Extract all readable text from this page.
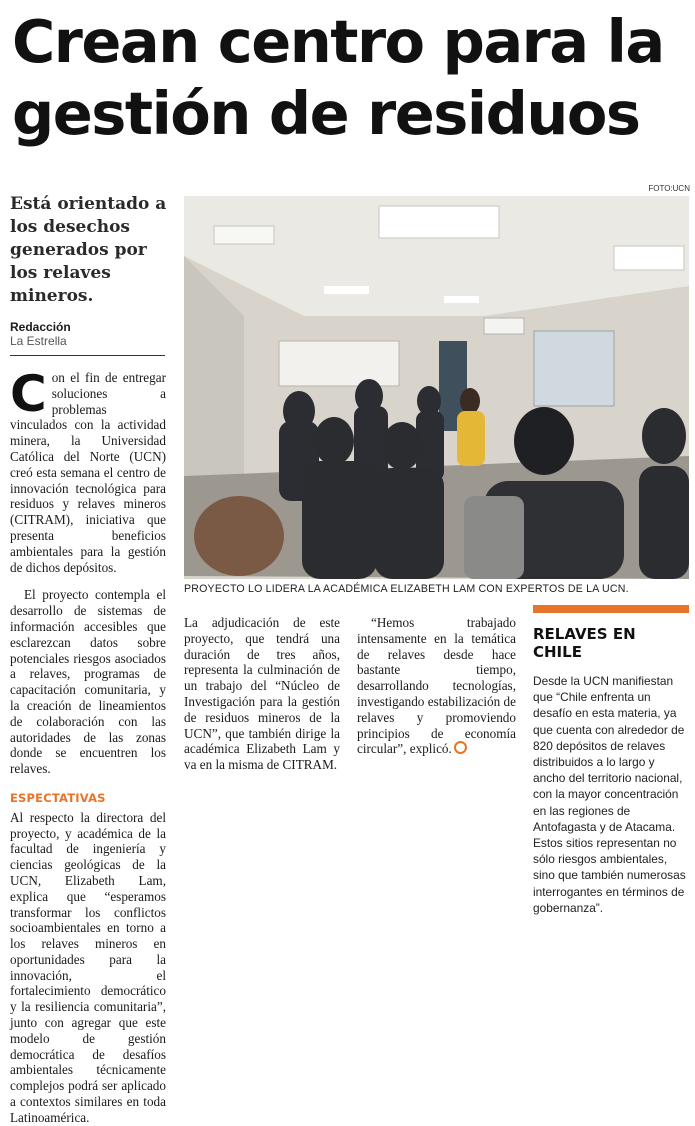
Crean centro para la gestión de residuos
Está orientado a los desechos generados por los relaves mineros.
Redacción
La Estrella

Con el fin de entregar soluciones a problemas vinculados con la actividad minera, la Universidad Católica del Norte (UCN) creó esta semana el centro de innovación tecnológica para residuos y relaves mineros (CITRAM), iniciativa que presenta beneficios ambientales para la gestión de dichos depósitos.

El proyecto contempla el desarrollo de sistemas de información accesibles que esclarezcan datos sobre potenciales riesgos asociados a relaves, programas de capacitación comunitaria, y la creación de lineamientos de colaboración con las autoridades de las zonas donde se encuentren los relaves.

ESPECTATIVAS

Al respecto la directora del proyecto, y académica de la facultad de ingeniería y ciencias geológicas de la UCN, Elizabeth Lam, explica que “esperamos transformar los conflictos socioambientales en torno a los relaves mineros en oportunidades para la innovación, el fortalecimiento democrático y la resiliencia comunitaria”, junto con agregar que este modelo de gestión democrática de desafíos ambientales técnicamente complejos podrá ser aplicado a contextos similares en toda Latinoamérica.

La adjudicación de este proyecto, que tendrá una duración de tres años, representa la culminación de un trabajo del “Núcleo de Investigación para la gestión de residuos mineros de la UCN”, que también dirige la académica Elizabeth Lam y va en la misma de CITRAM.

“Hemos trabajado intensamente en la temática de relaves desde hace bastante tiempo, desarrollando tecnologías, investigando estabilización de relaves y promoviendo principios de economía circular”, explicó.

FOTO:UCN
PROYECTO LO LIDERA LA ACADÉMICA ELIZABETH LAM CON EXPERTOS DE LA UCN.
RELAVES EN CHILE
Desde la UCN manifiestan que “Chile enfrenta un desafío en esta materia, ya que cuenta con alrededor de 820 depósitos de relaves distribuidos a lo largo y ancho del territorio nacional, con la mayor concentración en las regiones de Antofagasta y de Atacama. Estos sitios representan no sólo riesgos ambientales, sino que también numerosas interrogantes en términos de gobernanza”.
